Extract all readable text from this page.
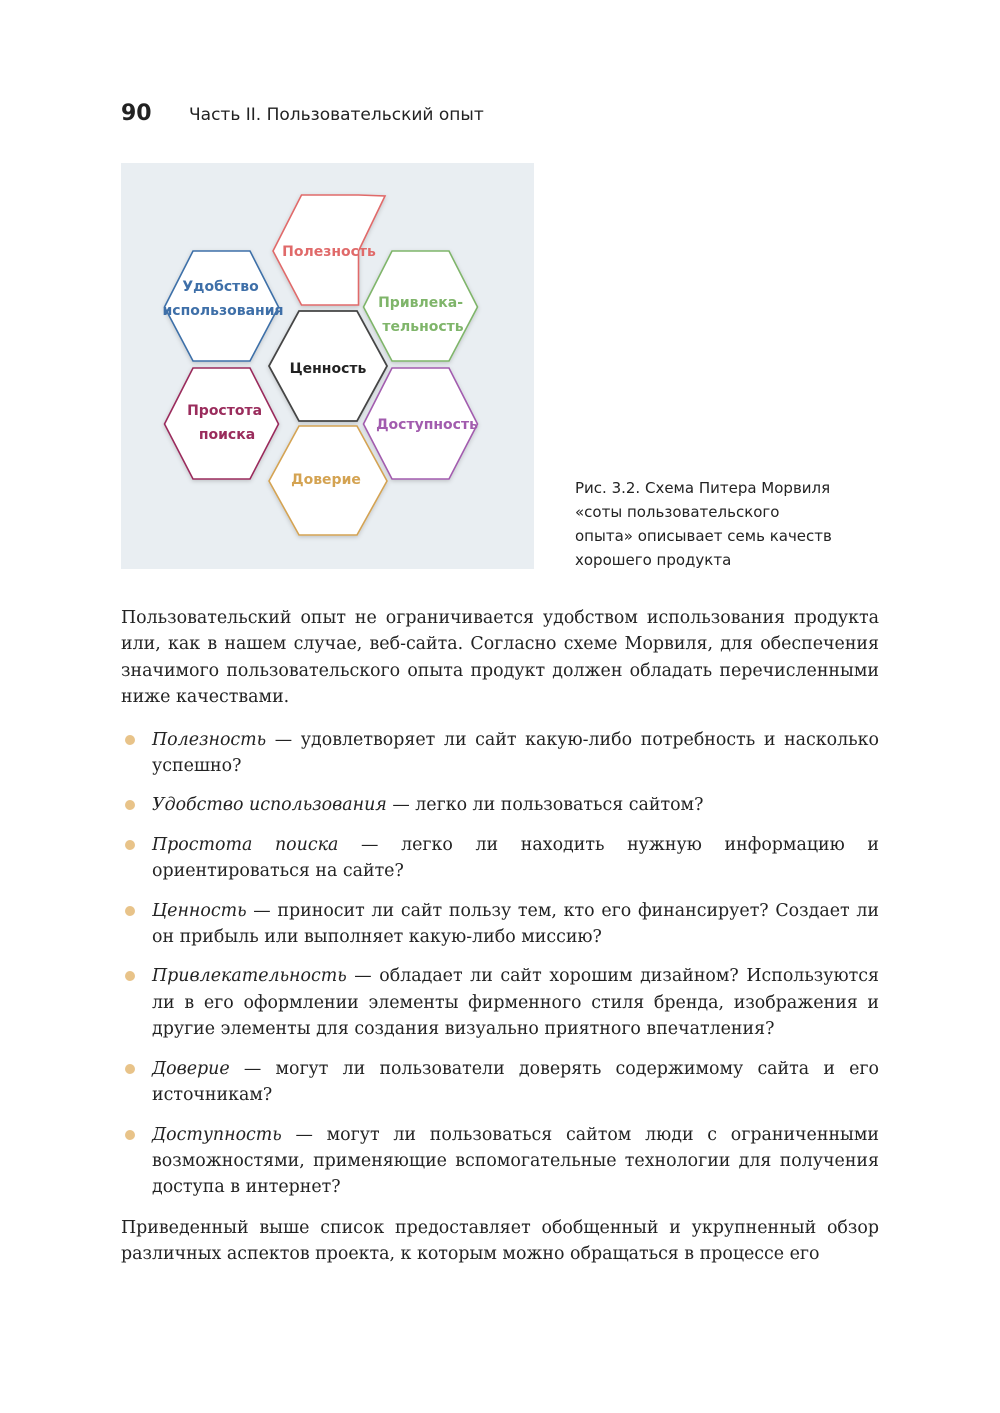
90	Часть II. Пользовательский опыт
Полезность
Удобство использования	Привлека- тельность
Ценность
Простота поиска
Доступность
Доверие	Рис. 3.2. Схема Питера Морвиля
«соты пользовательского
опыта» описывает семь качеств
хорошего продукта

Пользовательский опыт не ограничивается удобством использования продукта или, как в нашем случае, веб-сайта. Согласно схеме Морвиля, для обеспечения значимого пользовательского опыта продукт должен обладать перечисленными ниже качествами.

Полезность — удовлетворяет ли сайт какую-либо потребность и насколько успешно?
Удобство использования — легко ли пользоваться сайтом?
Простота поиска — легко ли находить нужную информацию и ориентироваться на сайте?
Ценность — приносит ли сайт пользу тем, кто его финансирует? Создает ли он прибыль или выполняет какую-либо миссию?
Привлекательность — обладает ли сайт хорошим дизайном? Используются ли в его оформлении элементы фирменного стиля бренда, изображения и другие элементы для создания визуально приятного впечатления?
Доверие — могут ли пользователи доверять содержимому сайта и его источникам?
Доступность — могут ли пользоваться сайтом люди с ограниченными возможностями, применяющие вспомогательные технологии для получения доступа в интернет?

Приведенный выше список предоставляет обобщенный и укрупненный обзор различных аспектов проекта, к которым можно обращаться в процессе его
